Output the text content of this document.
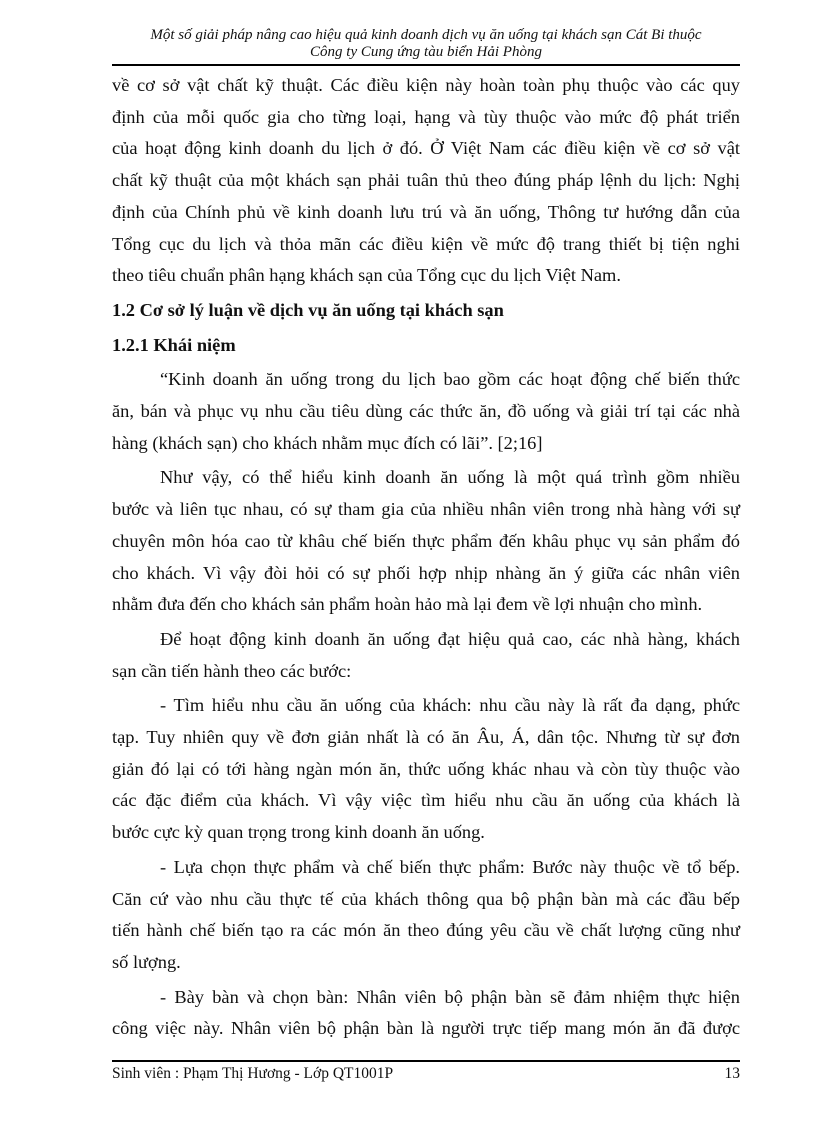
Một số giải pháp nâng cao hiệu quả kinh doanh dịch vụ ăn uống tại khách sạn Cát Bi thuộc
Công ty Cung ứng tàu biển Hải Phòng
về cơ sở vật chất kỹ thuật. Các điều kiện này hoàn toàn phụ thuộc vào các quy
định của mỗi quốc gia cho từng loại, hạng và tùy thuộc vào mức độ phát triển
của hoạt động kinh doanh du lịch ở đó. Ở Việt Nam các điều kiện về cơ sở vật
chất kỹ thuật của một khách sạn phải tuân thủ theo đúng pháp lệnh du lịch: Nghị
định của Chính phủ về kinh doanh lưu trú và ăn uống, Thông tư hướng dẫn của
Tổng cục du lịch và thỏa mãn các điều kiện về mức độ trang thiết bị tiện nghi
theo tiêu chuẩn phân hạng khách sạn của Tổng cục du lịch Việt Nam.
1.2 Cơ sở lý luận về dịch vụ ăn uống tại khách sạn
1.2.1 Khái niệm
“Kinh doanh ăn uống trong du lịch bao gồm các hoạt động chế biến thức
ăn, bán và phục vụ nhu cầu tiêu dùng các thức ăn, đồ uống và giải trí tại các nhà
hàng (khách sạn) cho khách nhằm mục đích có lãi”. [2;16]
Như vậy, có thể hiểu kinh doanh ăn uống là một quá trình gồm nhiều
bước và liên tục nhau, có sự tham gia của nhiều nhân viên trong nhà hàng với sự
chuyên môn hóa cao từ khâu chế biến thực phẩm đến khâu phục vụ sản phẩm đó
cho khách. Vì vậy đòi hỏi có sự phối hợp nhịp nhàng ăn ý giữa các nhân viên
nhằm đưa đến cho khách sản phẩm hoàn hảo mà lại đem về lợi nhuận cho mình.
Để hoạt động kinh doanh ăn uống đạt hiệu quả cao, các nhà hàng, khách
sạn cần tiến hành theo các bước:
- Tìm hiểu nhu cầu ăn uống của khách: nhu cầu này là rất đa dạng, phức
tạp. Tuy nhiên quy về đơn giản nhất là có ăn Âu, Á, dân tộc. Nhưng từ sự đơn
giản đó lại có tới hàng ngàn món ăn, thức uống khác nhau và còn tùy thuộc vào
các đặc điểm của khách. Vì vậy việc tìm hiểu nhu cầu ăn uống của khách là
bước cực kỳ quan trọng trong kinh doanh ăn uống.
- Lựa chọn thực phẩm và chế biến thực phẩm: Bước này thuộc về tổ bếp.
Căn cứ vào nhu cầu thực tế của khách thông qua bộ phận bàn mà các đầu bếp
tiến hành chế biến tạo ra các món ăn theo đúng yêu cầu về chất lượng cũng như
số lượng.
- Bày bàn và chọn bàn: Nhân viên bộ phận bàn sẽ đảm nhiệm thực hiện
công việc này. Nhân viên bộ phận bàn là người trực tiếp mang món ăn đã được
Sinh viên : Phạm Thị Hương - Lớp QT1001P	13
